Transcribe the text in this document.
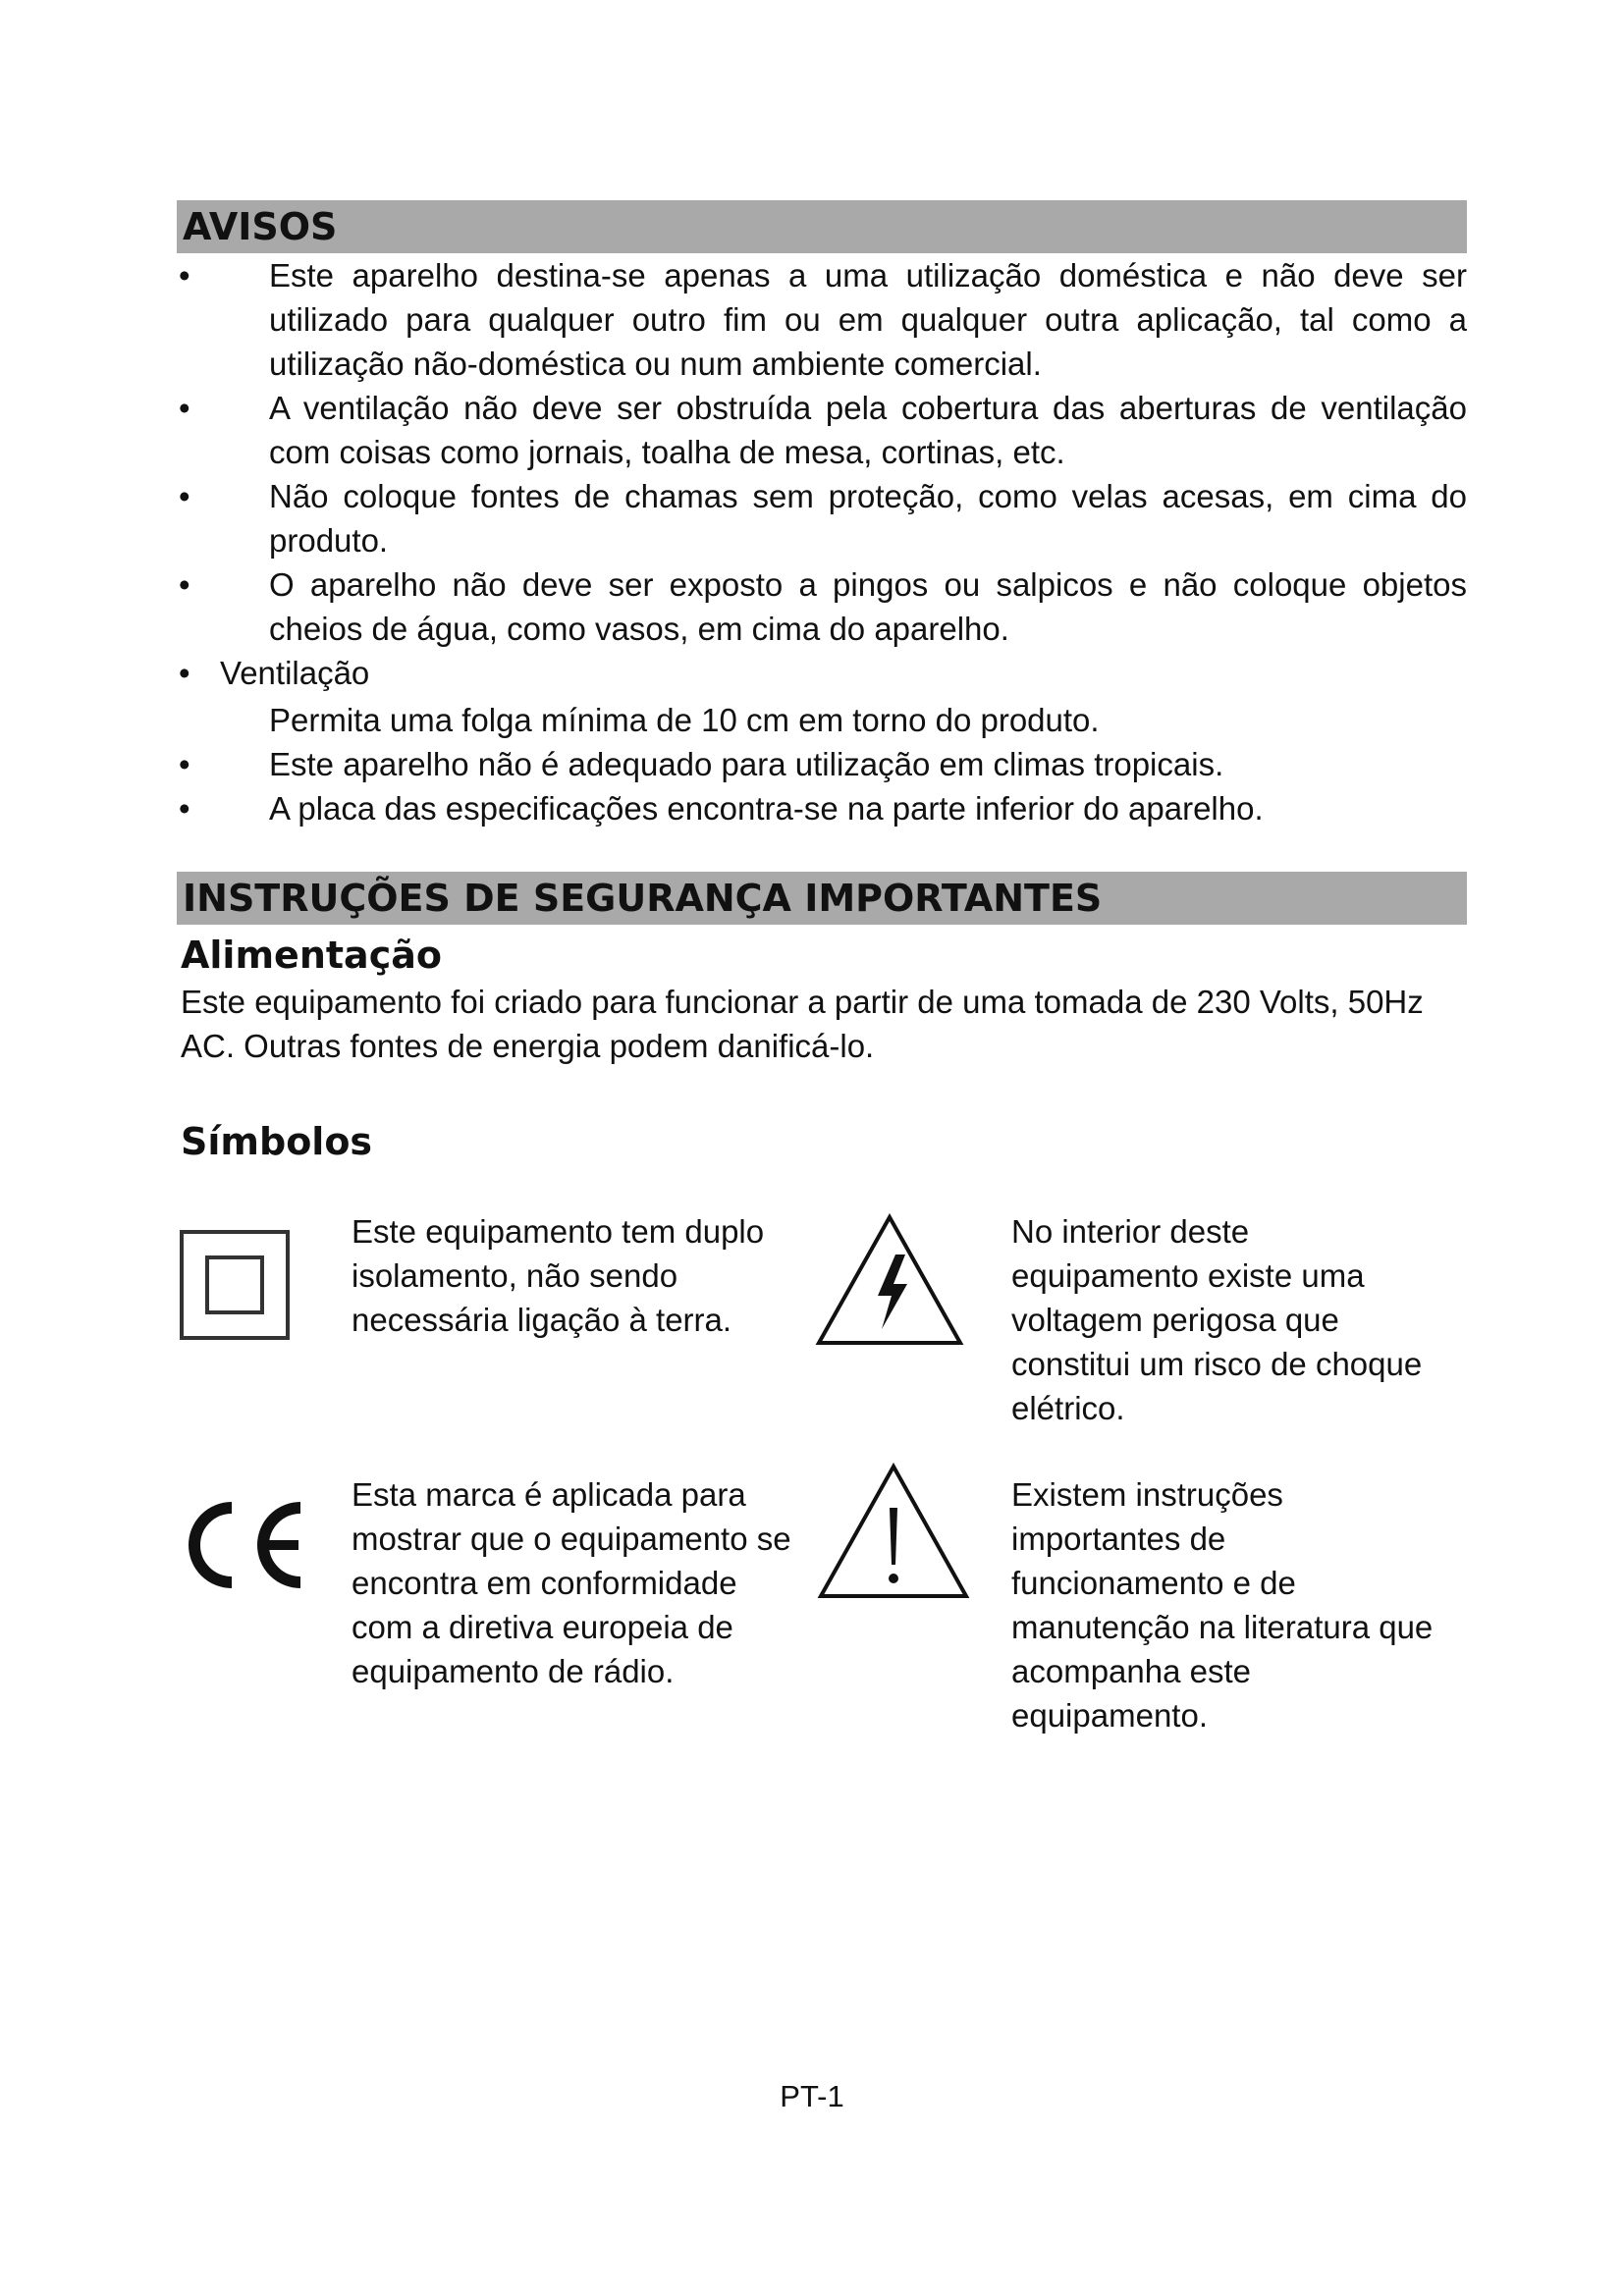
AVISOS
• Este aparelho destina-se apenas a uma utilização doméstica e não deve ser utilizado para qualquer outro fim ou em qualquer outra aplicação, tal como a utilização não-doméstica ou num ambiente comercial.
• A ventilação não deve ser obstruída pela cobertura das aberturas de ventilação com coisas como jornais, toalha de mesa, cortinas, etc.
• Não coloque fontes de chamas sem proteção, como velas acesas, em cima do produto.
• O aparelho não deve ser exposto a pingos ou salpicos e não coloque objetos cheios de água, como vasos, em cima do aparelho.
• Ventilação
Permita uma folga mínima de 10 cm em torno do produto.
• Este aparelho não é adequado para utilização em climas tropicais.
• A placa das especificações encontra-se na parte inferior do aparelho.
INSTRUÇÕES DE SEGURANÇA IMPORTANTES
Alimentação
Este equipamento foi criado para funcionar a partir de uma tomada de 230 Volts, 50Hz AC. Outras fontes de energia podem danificá-lo.
Símbolos
Este equipamento tem duplo isolamento, não sendo necessária ligação à terra.
No interior deste equipamento existe uma voltagem perigosa que constitui um risco de choque elétrico.
Esta marca é aplicada para mostrar que o equipamento se encontra em conformidade com a diretiva europeia de equipamento de rádio.
Existem instruções importantes de funcionamento e de manutenção na literatura que acompanha este equipamento.
PT-1
